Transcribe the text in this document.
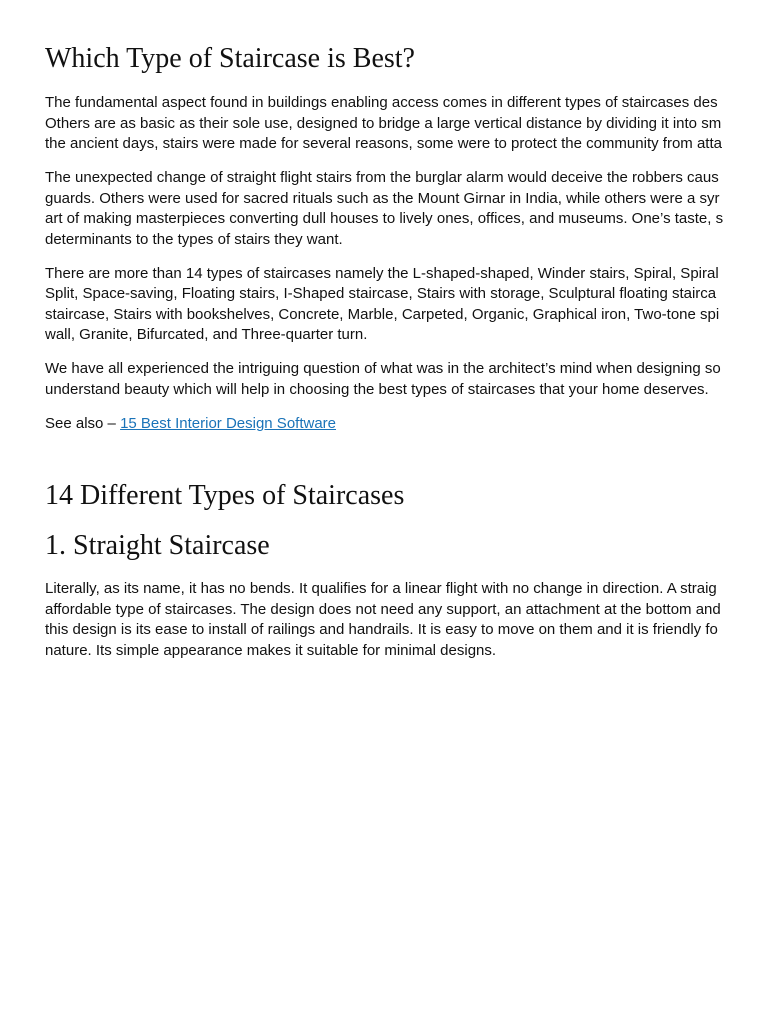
Which Type of Staircase is Best?
The fundamental aspect found in buildings enabling access comes in different types of staircases des
Others are as basic as their sole use, designed to bridge a large vertical distance by dividing it into sm
the ancient days, stairs were made for several reasons, some were to protect the community from atta
The unexpected change of straight flight stairs from the burglar alarm would deceive the robbers caus
guards. Others were used for sacred rituals such as the Mount Girnar in India, while others were a syr
art of making masterpieces converting dull houses to lively ones, offices, and museums. One’s taste, s
determinants to the types of stairs they want.
There are more than 14 types of staircases namely the L-shaped-shaped, Winder stairs, Spiral, Spiral
Split, Space-saving, Floating stairs, I-Shaped staircase, Stairs with storage, Sculptural floating stairca
staircase, Stairs with bookshelves, Concrete, Marble, Carpeted, Organic, Graphical iron, Two-tone spi
wall, Granite, Bifurcated, and Three-quarter turn.
We have all experienced the intriguing question of what was in the architect’s mind when designing so
understand beauty which will help in choosing the best types of staircases that your home deserves.
See also – 15 Best Interior Design Software
14 Different Types of Staircases
1. Straight Staircase
Literally, as its name, it has no bends. It qualifies for a linear flight with no change in direction. A straig
affordable type of staircases. The design does not need any support, an attachment at the bottom and
this design is its ease to install of railings and handrails. It is easy to move on them and it is friendly fo
nature. Its simple appearance makes it suitable for minimal designs.
